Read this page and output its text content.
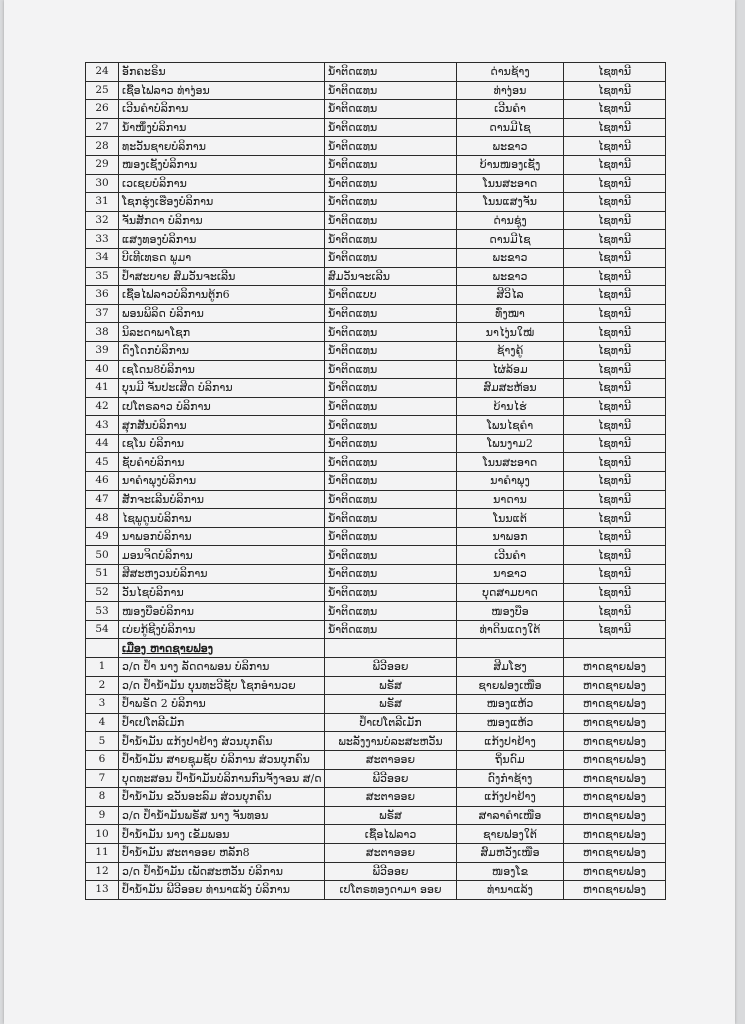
24	ອັກຄະຣິນ	ນ້ຳຕິດແທນ	ດ່ານຊ້າງ	ໄຊທານີ
25	ເຊື້ອໄຟລາວ ທ່າງ່ອນ	ນ້ຳຕິດແທນ	ທ່າງ່ອນ	ໄຊທານີ
26	ເວີນຄຳບໍລິການ	ນ້ຳຕິດແທນ	ເວີນຄຳ	ໄຊທານີ
27	ນ້ຳໜຶ່ງບໍລິການ	ນ້ຳຕິດແທນ	ດານມີໄຊ	ໄຊທານີ
28	ທະວັນຊາຍບໍລິການ	ນ້ຳຕິດແທນ	ພະຂາວ	ໄຊທານີ
29	ໜອງເຊັງບໍລິການ	ນ້ຳຕິດແທນ	ບ້ານໜອງເຊັງ	ໄຊທານີ
30	ເວເຊຍບໍລິການ	ນ້ຳຕິດແທນ	ໂນນສະອາດ	ໄຊທານີ
31	ໂຊກຮຸ່ງເຮືອງບໍລິການ	ນ້ຳຕິດແທນ	ໂນນແສງຈັນ	ໄຊທານີ
32	ຈັນສັກດາ ບໍລິການ	ນ້ຳຕິດແທນ	ດ່ານຊຸ່ງ	ໄຊທານີ
33	ແສງທອງບໍລິການ	ນ້ຳຕິດແທນ	ດານມີໄຊ	ໄຊທານີ
34	ບີເທີເທຣດ ພູມາ	ນ້ຳຕິດແທນ	ພະຂາວ	ໄຊທານີ
35	ປ້ຳສະບາຍ ສົມວັນຈະເລີນ	ສົມວັນຈະເລີນ	ພະຂາວ	ໄຊທານີ
36	ເຊື້ອໄຟລາວບໍລິການຕູ້ກ6	ນ້ຳຕິດແບບ	ສີວິໄລ	ໄຊທານີ
37	ພອນພິລິດ ບໍລິການ	ນ້ຳຕິດແທນ	ທົ່ງໝາ	ໄຊທານີ
38	ນິລະດາພາໂຊກ	ນ້ຳຕິດແທນ	ນາໄງ່ນໃໝ່	ໄຊທານີ
39	ດົງໂດກບໍລິການ	ນ້ຳຕິດແທນ	ຊ້າງຄູ້	ໄຊທານີ
40	ເຊໂດນ8ບໍລິການ	ນ້ຳຕິດແທນ	ໄຜ່ລ້ອມ	ໄຊທານີ
41	ບຸນມີ ຈັນປະເສີດ ບໍລິການ	ນ້ຳຕິດແທນ	ສົມສະຫ້ອນ	ໄຊທານີ
42	ເປໂຕຣລາວ ບໍລິການ	ນ້ຳຕິດແທນ	ບ້ານໄຮ່	ໄຊທານີ
43	ສຸກສັນບໍລິການ	ນ້ຳຕິດແທນ	ໂພນໄຊຄຳ	ໄຊທານີ
44	ເຊໂນ ບໍລິການ	ນ້ຳຕິດແທນ	ໂພນງາມ2	ໄຊທານີ
45	ຊັບຄຳບໍລິການ	ນ້ຳຕິດແທນ	ໂນນສະອາດ	ໄຊທານີ
46	ນາຄຳພຸງບໍລິການ	ນ້ຳຕິດແທນ	ນາຄຳພຸງ	ໄຊທານີ
47	ສັກຈະເລີນບໍລິການ	ນ້ຳຕິດແທນ	ນາດານ	ໄຊທານີ
48	ໄຊພູດູນບໍລິການ	ນ້ຳຕິດແທນ	ໂນນແຕ້	ໄຊທານີ
49	ນາພອກບໍລິການ	ນ້ຳຕິດແທນ	ນາພອກ	ໄຊທານີ
50	ມອນຈິດບໍລິການ	ນ້ຳຕິດແທນ	ເວີນຄຳ	ໄຊທານີ
51	ສີສະຫງວນບໍລິການ	ນ້ຳຕິດແທນ	ນາຂາວ	ໄຊທານີ
52	ວັນໄຊບໍລິການ	ນ້ຳຕິດແທນ	ບຸດສາມບາດ	ໄຊທານີ
53	ໜອງບືອບໍລິການ	ນ້ຳຕິດແທນ	ໜອງບືອ	ໄຊທານີ
54	ເບ່ຍກູ້ຊີງບໍລິການ	ນ້ຳຕິດແທນ	ທ່າດິນແດງໃຕ້	ໄຊທານີ
	ເມືອງ ຫາດຊາຍຟອງ			
1	ວ/ດ ປ້ຳ ນາງ ລັດດາພອນ ບໍລິການ	ພີວີອອຍ	ສີມໂຮງ	ຫາດຊາຍຟອງ
2	ວ/ດ ປ້ຳນ້ຳມັນ ບຸນທະວີຊັບ ໂຊກອຳນວຍ	ພຣັສ	ຊາຍຟອງເໜືອ	ຫາດຊາຍຟອງ
3	ປ້ຳພຣັດ 2 ບໍລິການ	ພຣັສ	ໜອງແຫ້ວ	ຫາດຊາຍຟອງ
4	ປ້ຳເປໂຕລີເມັກ	ປ້ຳເປໂຕລີເມັກ	ໜອງແຫ້ວ	ຫາດຊາຍຟອງ
5	ປ້ຳນ້ຳມັນ ແກ້ງປາຢ້າງ ສ່ວນບຸກຄົນ	ພະລັງງານບໍລະສະຫວັນ	ແກ້ງປາຢ້າງ	ຫາດຊາຍຟອງ
6	ປ້ຳນ້ຳມັນ ສາຍຊຸມຊັບ ບໍລິການ ສ່ວນບຸກຄົນ	ສະຕາອອຍ	ຖິ່ນດົມ	ຫາດຊາຍຟອງ
7	ບຸດທະສອນ ປ້ຳນ້ຳມັນບໍລິການກົນຈັງຈອນ ສ/ດ	ພີວີອອຍ	ດົງກຳຊ້າງ	ຫາດຊາຍຟອງ
8	ປ້ຳນ້ຳມັນ ຂວັນອະລົມ ສ່ວນບຸກຄົນ	ສະຕາອອຍ	ແກ້ງປາຢ້າງ	ຫາດຊາຍຟອງ
9	ວ/ດ ປ້ຳນ້ຳມັນພຣັສ ນາງ ຈັນທອນ	ພຣັສ	ສາລາຄຳເໜືອ	ຫາດຊາຍຟອງ
10	ປ້ຳນ້ຳມັນ ນາງ ເຂັມພອນ	ເຊື້ອໄຟລາວ	ຊາຍຟອງໃຕ້	ຫາດຊາຍຟອງ
11	ປ້ຳນ້ຳມັນ ສະຕາອອຍ ຫລັກ8	ສະຕາອອຍ	ສົມຫວັງເໜືອ	ຫາດຊາຍຟອງ
12	ວ/ດ ປ້ຳນ້ຳມັນ ເພັດສະຫວັນ ບໍລິການ	ພີວີອອຍ	ໜອງໂຂ	ຫາດຊາຍຟອງ
13	ປ້ຳນ້ຳມັນ ພີວີອອຍ ທ່ານາແລ້ງ ບໍລິການ	ເປໂຕຣທອງດາມາ ອອຍ	ທ່ານາແລ້ງ	ຫາດຊາຍຟອງ
